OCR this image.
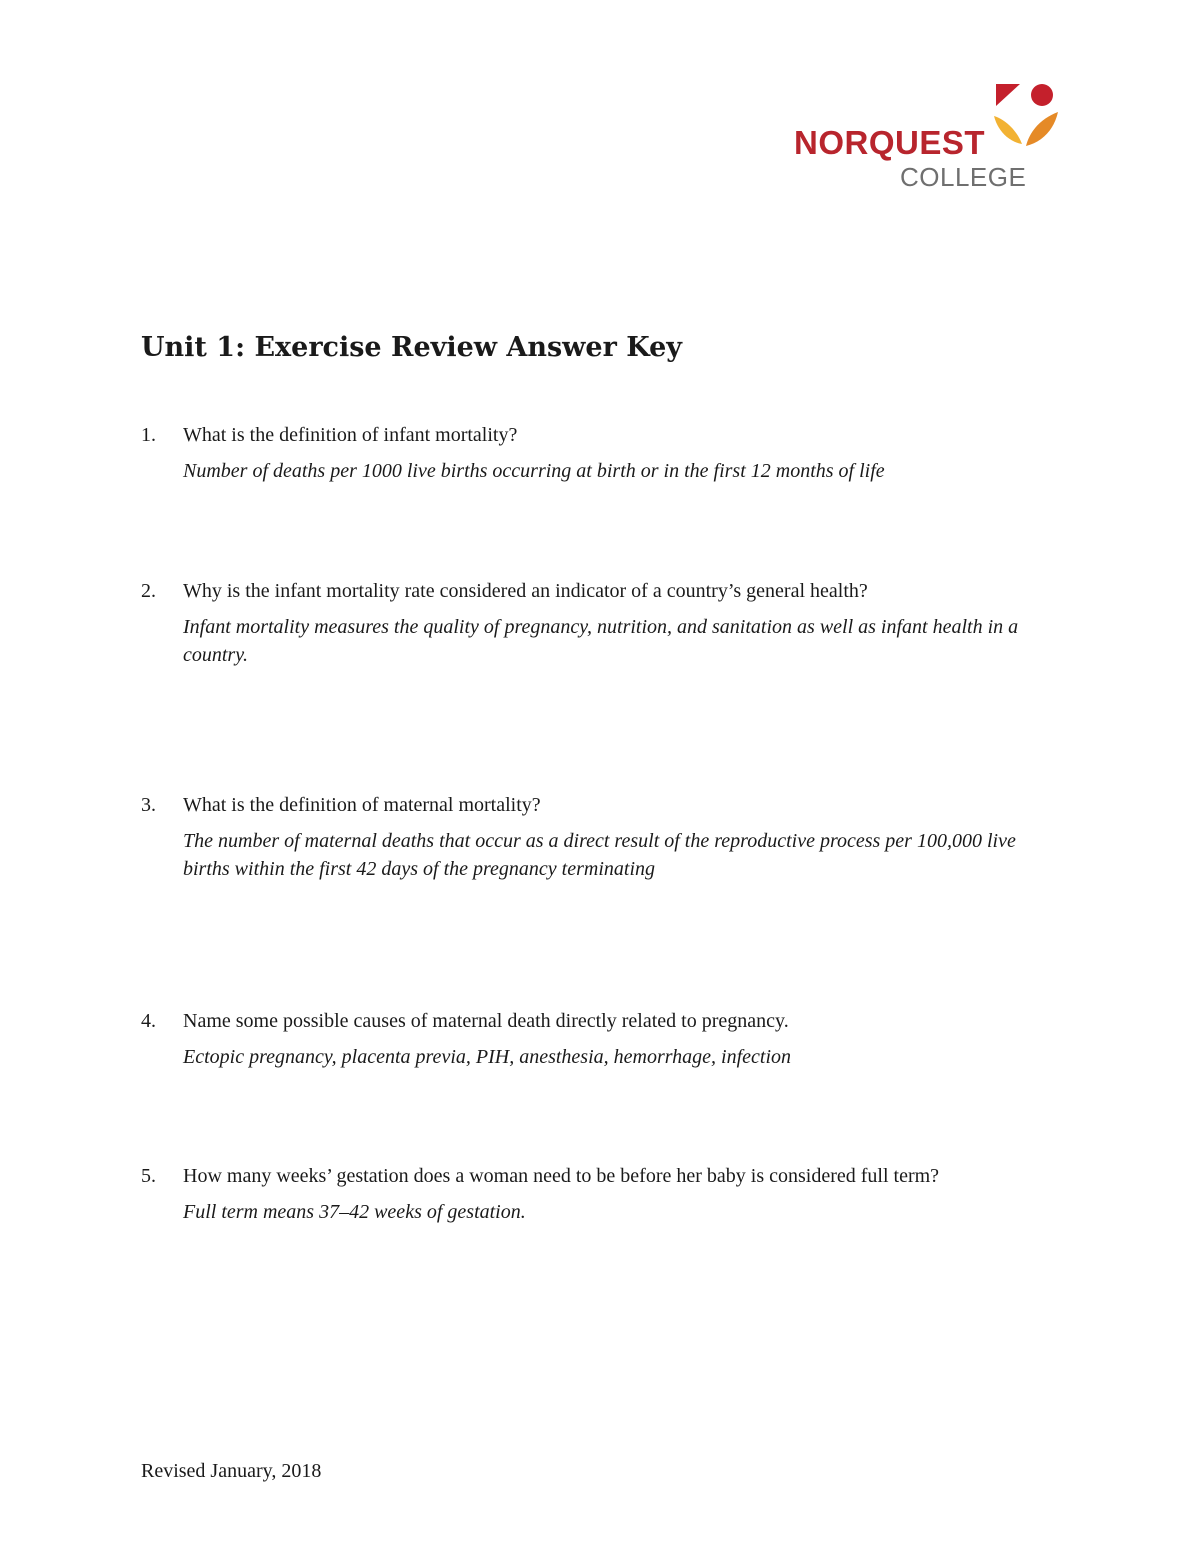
NORQUEST
COLLEGE
Unit 1: Exercise Review Answer Key
1. What is the definition of infant mortality?
Number of deaths per 1000 live births occurring at birth or in the first 12 months of life
2. Why is the infant mortality rate considered an indicator of a country’s general health?
Infant mortality measures the quality of pregnancy, nutrition, and sanitation as well as infant health in a country.
3. What is the definition of maternal mortality?
The number of maternal deaths that occur as a direct result of the reproductive process per 100,000 live births within the first 42 days of the pregnancy terminating
4. Name some possible causes of maternal death directly related to pregnancy.
Ectopic pregnancy, placenta previa, PIH, anesthesia, hemorrhage, infection
5. How many weeks’ gestation does a woman need to be before her baby is considered full term?
Full term means 37–42 weeks of gestation.
Revised January, 2018
